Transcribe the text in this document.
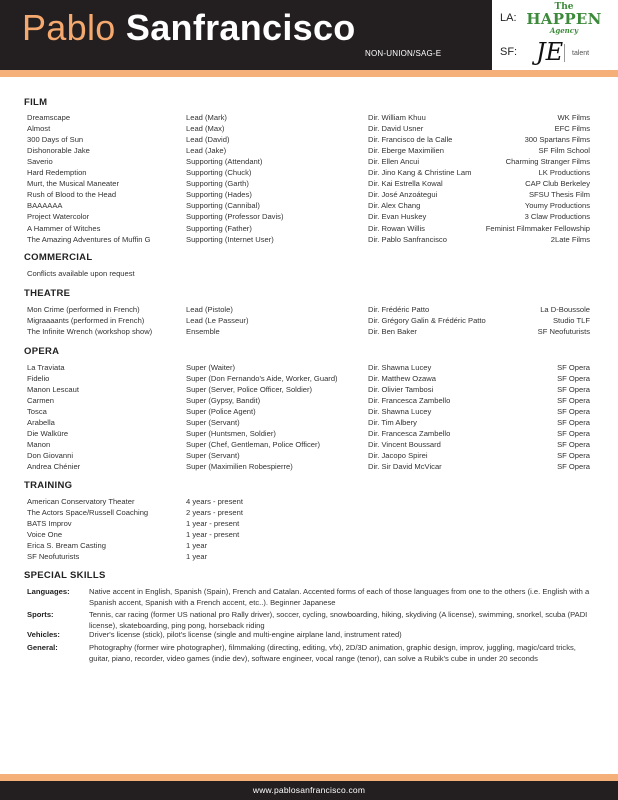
Pablo Sanfrancisco
NON-UNION/SAG-E
LA:
The
HAPPEN
Agency
SF: JE talent
FILM
Dreamscape	Lead (Mark)	Dir. William Khuu	WK Films
Almost	Lead (Max)	Dir. David Usner	EFC Films
300 Days of Sun	Lead (David)	Dir. Francisco de la Calle	300 Spartans Films
Dishonorable Jake	Lead (Jake)	Dir. Eberge Maximilien	SF Film School
Saverio	Supporting (Attendant)	Dir. Ellen Ancui	Charming Stranger Films
Hard Redemption	Supporting (Chuck)	Dir. Jino Kang & Christine Lam	LK Productions
Murt, the Musical Maneater	Supporting (Garth)	Dir. Kai Estrella Kowal	CAP Club Berkeley
Rush of Blood to the Head	Supporting (Hades)	Dir. José Anzoátegui	SFSU Thesis Film
BAAAAAA	Supporting (Cannibal)	Dir. Alex Chang	Youmy Productions
Project Watercolor	Supporting (Professor Davis)	Dir. Evan Huskey	3 Claw Productions
A Hammer of Witches	Supporting (Father)	Dir. Rowan Willis	Feminist Filmmaker Fellowship
The Amazing Adventures of Muffin G	Supporting (Internet User)	Dir. Pablo Sanfrancisco	2Late Films
COMMERCIAL
Conflicts available upon request
THEATRE
Mon Crime (performed in French)	Lead (Pistole)	Dir. Frédéric Patto	La D-Boussole
Migraaaants (performed in French)	Lead (Le Passeur)	Dir. Grégory Galin & Frédéric Patto	Studio TLF
The Infinite Wrench (workshop show)	Ensemble	Dir. Ben Baker	SF Neofuturists
OPERA
La Traviata	Super (Waiter)	Dir. Shawna Lucey	SF Opera
Fidelio	Super (Don Fernando's Aide, Worker, Guard)	Dir. Matthew Ozawa	SF Opera
Manon Lescaut	Super (Server, Police Officer, Soldier)	Dir. Olivier Tambosi	SF Opera
Carmen	Super (Gypsy, Bandit)	Dir. Francesca Zambello	SF Opera
Tosca	Super (Police Agent)	Dir. Shawna Lucey	SF Opera
Arabella	Super (Servant)	Dir. Tim Albery	SF Opera
Die Walküre	Super (Huntsmen, Soldier)	Dir. Francesca Zambello	SF Opera
Manon	Super (Chef, Gentleman, Police Officer)	Dir. Vincent Boussard	SF Opera
Don Giovanni	Super (Servant)	Dir. Jacopo Spirei	SF Opera
Andrea Chénier	Super (Maximilien Robespierre)	Dir. Sir David McVicar	SF Opera
TRAINING
American Conservatory Theater	4 years - present
The Actors Space/Russell Coaching	2 years - present
BATS Improv	1 year - present
Voice One	1 year - present
Erica S. Bream Casting	1 year
SF Neofuturists	1 year
SPECIAL SKILLS
Languages:	Native accent in English, Spanish (Spain), French and Catalan. Accented forms of each of those languages from one to the others (i.e. English with a Spanish accent, Spanish with a French accent, etc..). Beginner Japanese
Sports:	Tennis, car racing (former US national pro Rally driver), soccer, cycling, snowboarding, hiking, skydiving (A license), swimming, snorkel, scuba (PADI license), skateboarding, ping pong, horseback riding
Vehicles:	Driver's license (stick), pilot's license (single and multi-engine airplane land, instrument rated)
General:	Photography (former wire photographer), filmmaking (directing, editing, vfx), 2D/3D animation, graphic design, improv, juggling, magic/card tricks, guitar, piano, recorder, video games (indie dev), software engineer, vocal range (tenor), can solve a Rubik's cube in under 20 seconds
www.pablosanfrancisco.com
